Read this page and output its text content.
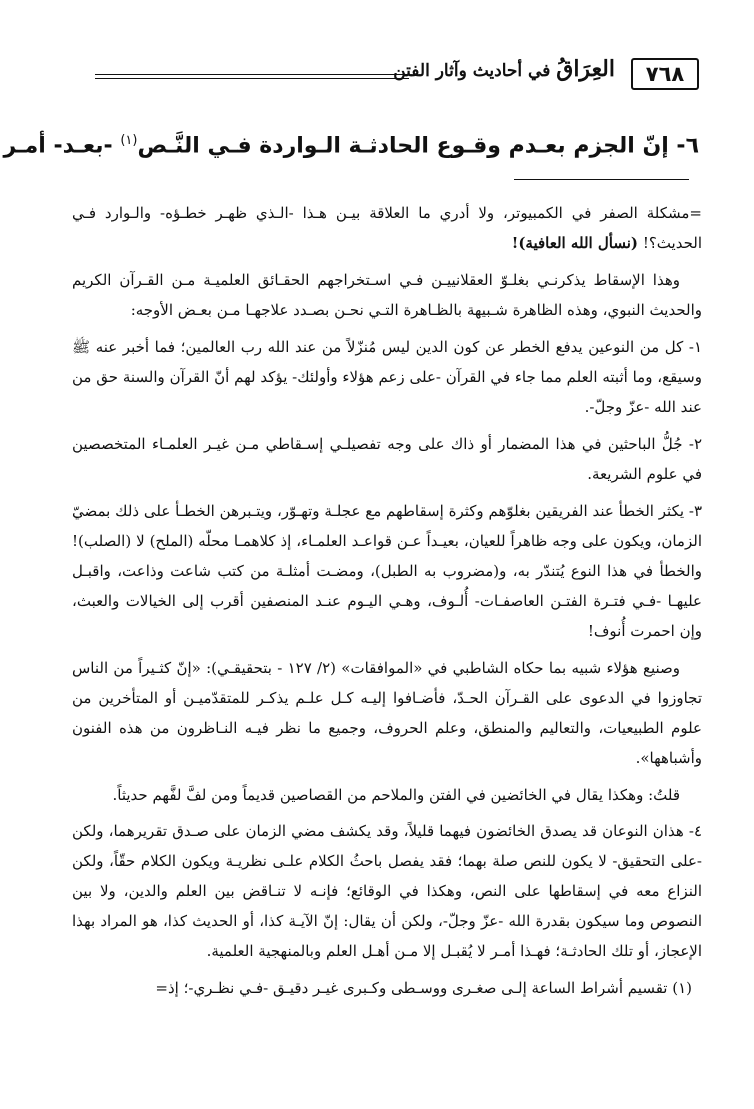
٧٦٨
العِرَاقُ في أحاديث وآثار الفتن
٦- إنّ الجزم بعـدم وقـوع الحادثـة الـواردة فـي النَّـص$^{(١)}$ -بعـد- أمـر

=مشكلة الصفر في الكمبيوتر، ولا أدري ما العلاقة بيـن هـذا -الـذي ظهـر خطـؤه- والـوارد فـي الحديث؟! (نسأل الله العافية)!

وهذا الإسقاط يذكرنـي بغلـوّ العقلانييـن فـي اسـتخراجهم الحقـائق العلميـة مـن القـرآن الكريم والحديث النبوي، وهذه الظاهرة شـبيهة بالظـاهرة التـي نحـن بصـدد علاجهـا مـن بعـض الأوجه:

١- كل من النوعين يدفع الخطر عن كون الدين ليس مُنزّلاً من عند الله رب العالمين؛ فما أخبر عنه ﷺ وسيقع، وما أثبته العلم مما جاء في القرآن -على زعم هؤلاء وأولئك- يؤكد لهم أنّ القرآن والسنة حق من عند الله -عزّ وجلّ-.

٢- جُلُّ الباحثين في هذا المضمار أو ذاك على وجه تفصيلـي إسـقاطي مـن غيـر العلمـاء المتخصصين في علوم الشريعة.

٣- يكثر الخطأ عند الفريقين بغلوّهم وكثرة إسقاطهم مع عجلـة وتهـوّر، ويتـبرهن الخطـأ على ذلك بمضيّ الزمان، ويكون على وجه ظاهراً للعيان، بعيـداً عـن قواعـد العلمـاء، إذ كلاهمـا محلّه (الملح) لا (الصلب)! والخطأ في هذا النوع يُتندّر به، و(مضروب به الطبل)، ومضـت أمثلـة من كتب شاعت وذاعت، واقبـل عليهـا -فـي فتـرة الفتـن العاصفـات- أُلـوف، وهـي اليـوم عنـد المنصفين أقرب إلى الخيالات والعبث، وإن احمرت أُنوف!

وصنيع هؤلاء شبيه بما حكاه الشاطبي في «الموافقات» (٢/ ١٢٧ - بتحقيقـي): «إنّ كثـيراً من الناس تجاوزوا في الدعوى على القـرآن الحـدّ، فأضـافوا إليـه كـل علـم يذكـر للمتقدّميـن أو المتأخرين من علوم الطبيعيات، والتعاليم والمنطق، وعلم الحروف، وجميع ما نظر فيـه النـاظرون من هذه الفنون وأشباهها».

قلتُ: وهكذا يقال في الخائضين في الفتن والملاحم من القصاصين قديماً ومن لفَّ لفَّهم حديثاً.

٤- هذان النوعان قد يصدق الخائضون فيهما قليلاً، وقد يكشف مضي الزمان على صـدق تقريرهما، ولكن -على التحقيق- لا يكون للنص صلة بهما؛ فقد يفصل باحثُ الكلام علـى نظريـة ويكون الكلام حقّاً، ولكن النزاع معه في إسقاطها على النص، وهكذا في الوقائع؛ فإنـه لا تنـاقض بين العلم والدين، ولا بين النصوص وما سيكون بقدرة الله -عزّ وجلّ-، ولكن أن يقال: إنّ الآيـة كذا، أو الحديث كذا، هو المراد بهذا الإعجاز، أو تلك الحادثـة؛ فهـذا أمـر لا يُقبـل إلا مـن أهـل العلم وبالمنهجية العلمية.

(١) تقسيم أشراط الساعة إلـى صغـرى ووسـطى وكـبرى غيـر دقيـق -فـي نظـري-؛ إذ=
